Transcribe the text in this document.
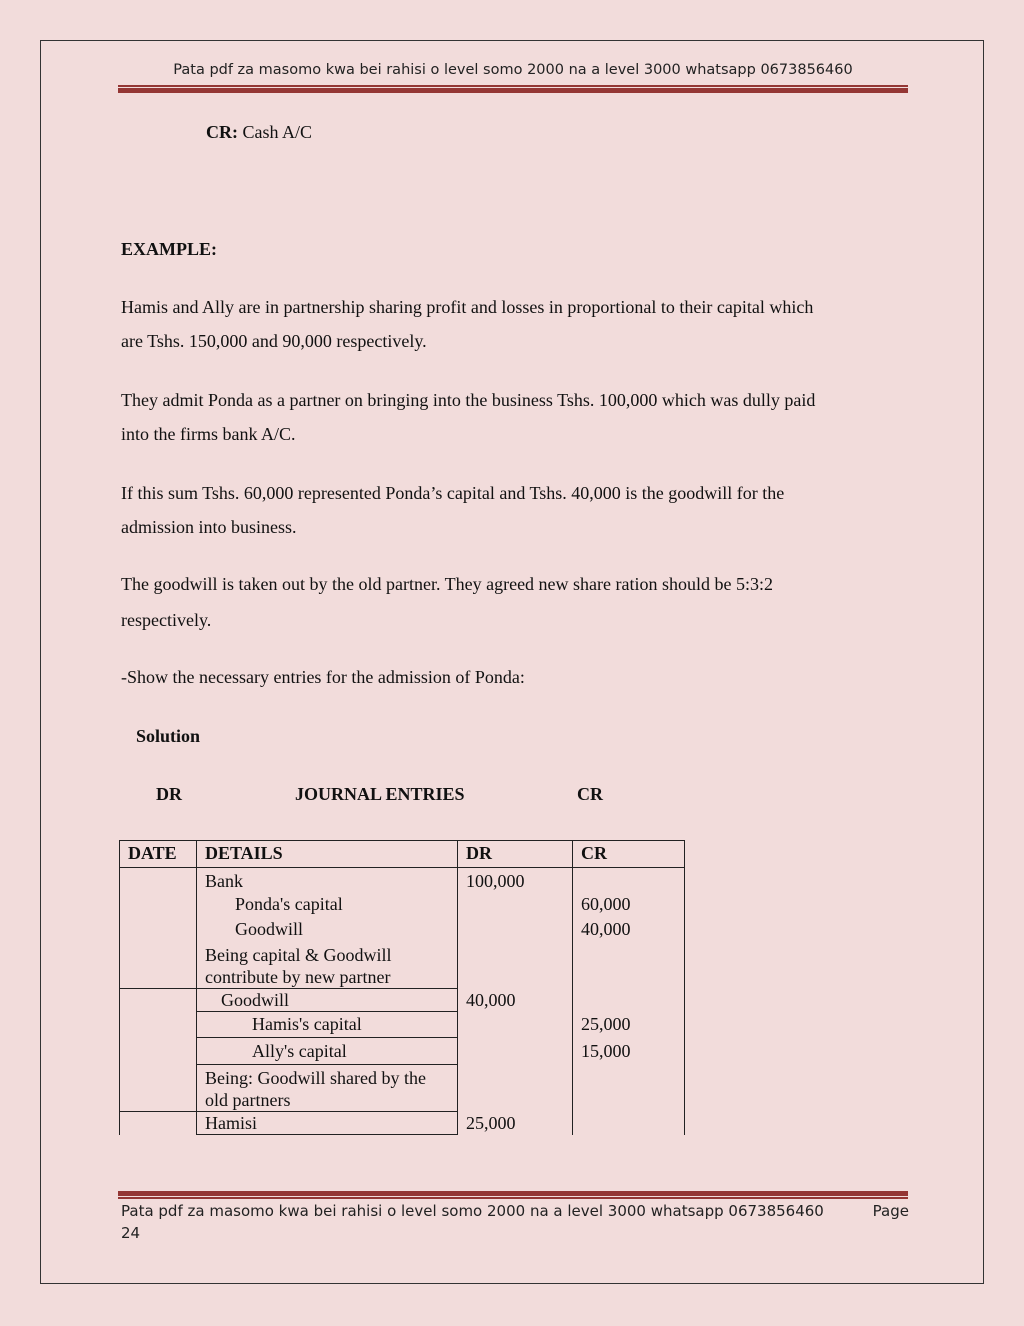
Pata pdf za masomo kwa bei rahisi o level somo 2000 na a level 3000 whatsapp 0673856460
CR: Cash A/C
EXAMPLE:
Hamis and Ally are in partnership sharing profit and losses in proportional to their capital which
are Tshs. 150,000 and 90,000 respectively.
They admit Ponda as a partner on bringing into the business Tshs. 100,000 which was dully paid
into the firms bank A/C.
If this sum Tshs. 60,000 represented Ponda’s capital and Tshs. 40,000 is the goodwill for the
admission into business.
The goodwill is taken out by the old partner. They agreed new share ration should be 5:3:2
respectively.
-Show the necessary entries for the admission of Ponda:
Solution
DR	JOURNAL ENTRIES	CR
DATE	DETAILS	DR	CR
	Bank	100,000	
	Ponda's capital		60,000
	Goodwill		40,000
	Being capital & Goodwill contribute by new partner		
	Goodwill	40,000	
	Hamis's capital		25,000
	Ally's capital		15,000
	Being: Goodwill shared by the old partners		
	Hamisi	25,000	
Pata pdf za masomo kwa bei rahisi o level somo 2000 na a level 3000 whatsapp 0673856460	Page
24
